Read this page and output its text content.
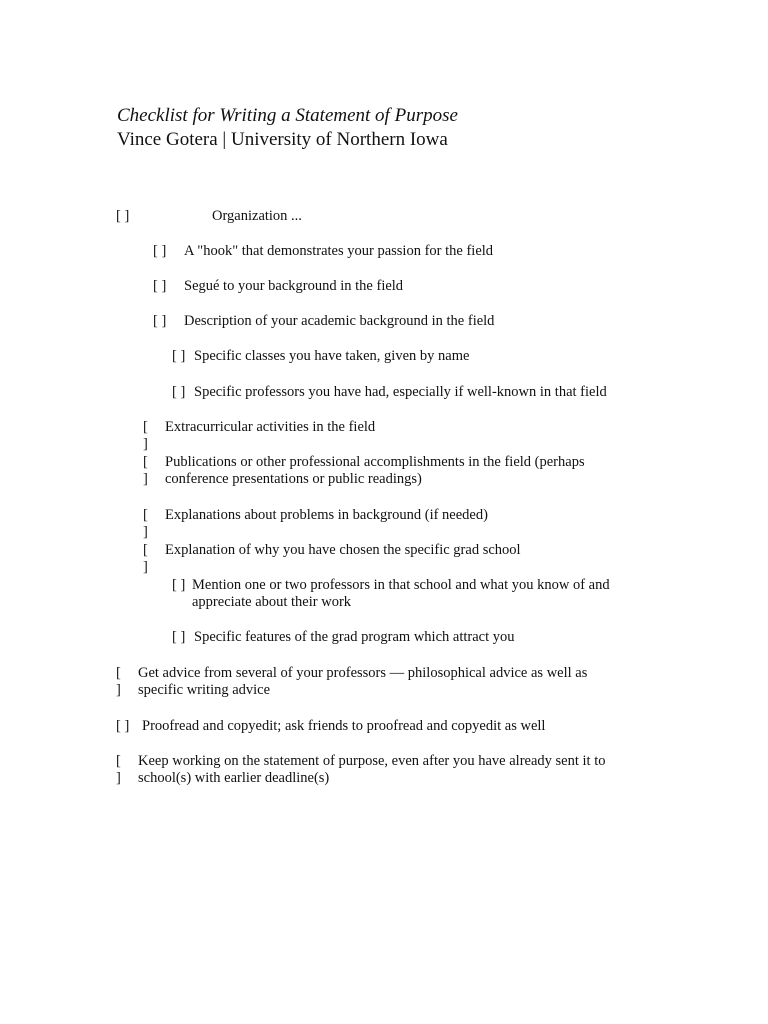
Checklist for Writing a Statement of Purpose
Vince Gotera | University of Northern Iowa
[ ]	Organization ...
[ ] A "hook" that demonstrates your passion for the field
[ ] Segué to your background in the field
[ ] Description of your academic background in the field
[ ] Specific classes you have taken, given by name
[ ] Specific professors you have had, especially if well-known in that field
[
]
Extracurricular activities in the field
[
]
Publications or other professional accomplishments in the field (perhaps conference presentations or public readings)
[
]
Explanations about problems in background (if needed)
[
]
Explanation of why you have chosen the specific grad school
[ ] Mention one or two professors in that school and what you know of and appreciate about their work
[ ] Specific features of the grad program which attract you
[
]
Get advice from several of your professors — philosophical advice as well as specific writing advice
[ ] Proofread and copyedit; ask friends to proofread and copyedit as well
[
]
Keep working on the statement of purpose, even after you have already sent it to school(s) with earlier deadline(s)
